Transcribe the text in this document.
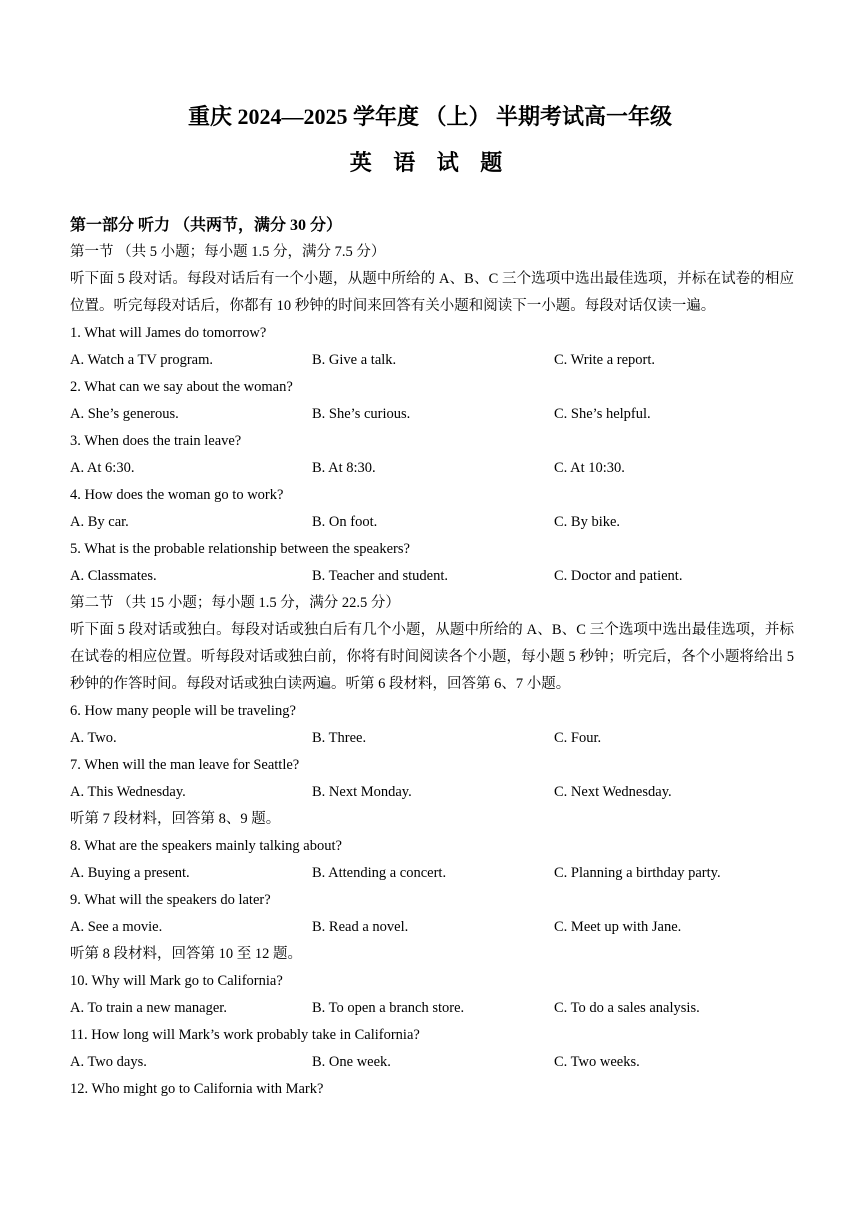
重庆 2024—2025 学年度 （上） 半期考试高一年级
英 语 试 题
第一部分 听力 （共两节，满分 30 分）
第一节 （共 5 小题；每小题 1.5 分，满分 7.5 分）
听下面 5 段对话。每段对话后有一个小题，从题中所给的 A、B、C 三个选项中选出最佳选项，并标在试卷的相应位置。听完每段对话后，你都有 10 秒钟的时间来回答有关小题和阅读下一小题。每段对话仅读一遍。
1. What will James do tomorrow?
A. Watch a TV program.	B. Give a talk.	C. Write a report.
2. What can we say about the woman?
A. She’s generous.	B. She’s curious.	C. She’s helpful.
3. When does the train leave?
A. At 6:30.	B. At 8:30.	C. At 10:30.
4. How does the woman go to work?
A. By car.	B. On foot.	C. By bike.
5. What is the probable relationship between the speakers?
A. Classmates.	B. Teacher and student.	C. Doctor and patient.
第二节 （共 15 小题；每小题 1.5 分，满分 22.5 分）
听下面 5 段对话或独白。每段对话或独白后有几个小题，从题中所给的 A、B、C 三个选项中选出最佳选项，并标在试卷的相应位置。听每段对话或独白前，你将有时间阅读各个小题，每小题 5 秒钟；听完后，各个小题将给出 5 秒钟的作答时间。每段对话或独白读两遍。听第 6 段材料，回答第 6、7 小题。
6. How many people will be traveling?
A. Two.	B. Three.	C. Four.
7. When will the man leave for Seattle?
A. This Wednesday.	B. Next Monday.	C. Next Wednesday.
听第 7 段材料，回答第 8、9 题。
8. What are the speakers mainly talking about?
A. Buying a present.	B. Attending a concert.	C. Planning a birthday party.
9. What will the speakers do later?
A. See a movie.	B. Read a novel.	C. Meet up with Jane.
听第 8 段材料，回答第 10 至 12 题。
10. Why will Mark go to California?
A. To train a new manager.	B. To open a branch store.	C. To do a sales analysis.
11. How long will Mark’s work probably take in California?
A. Two days.	B. One week.	C. Two weeks.
12. Who might go to California with Mark?
